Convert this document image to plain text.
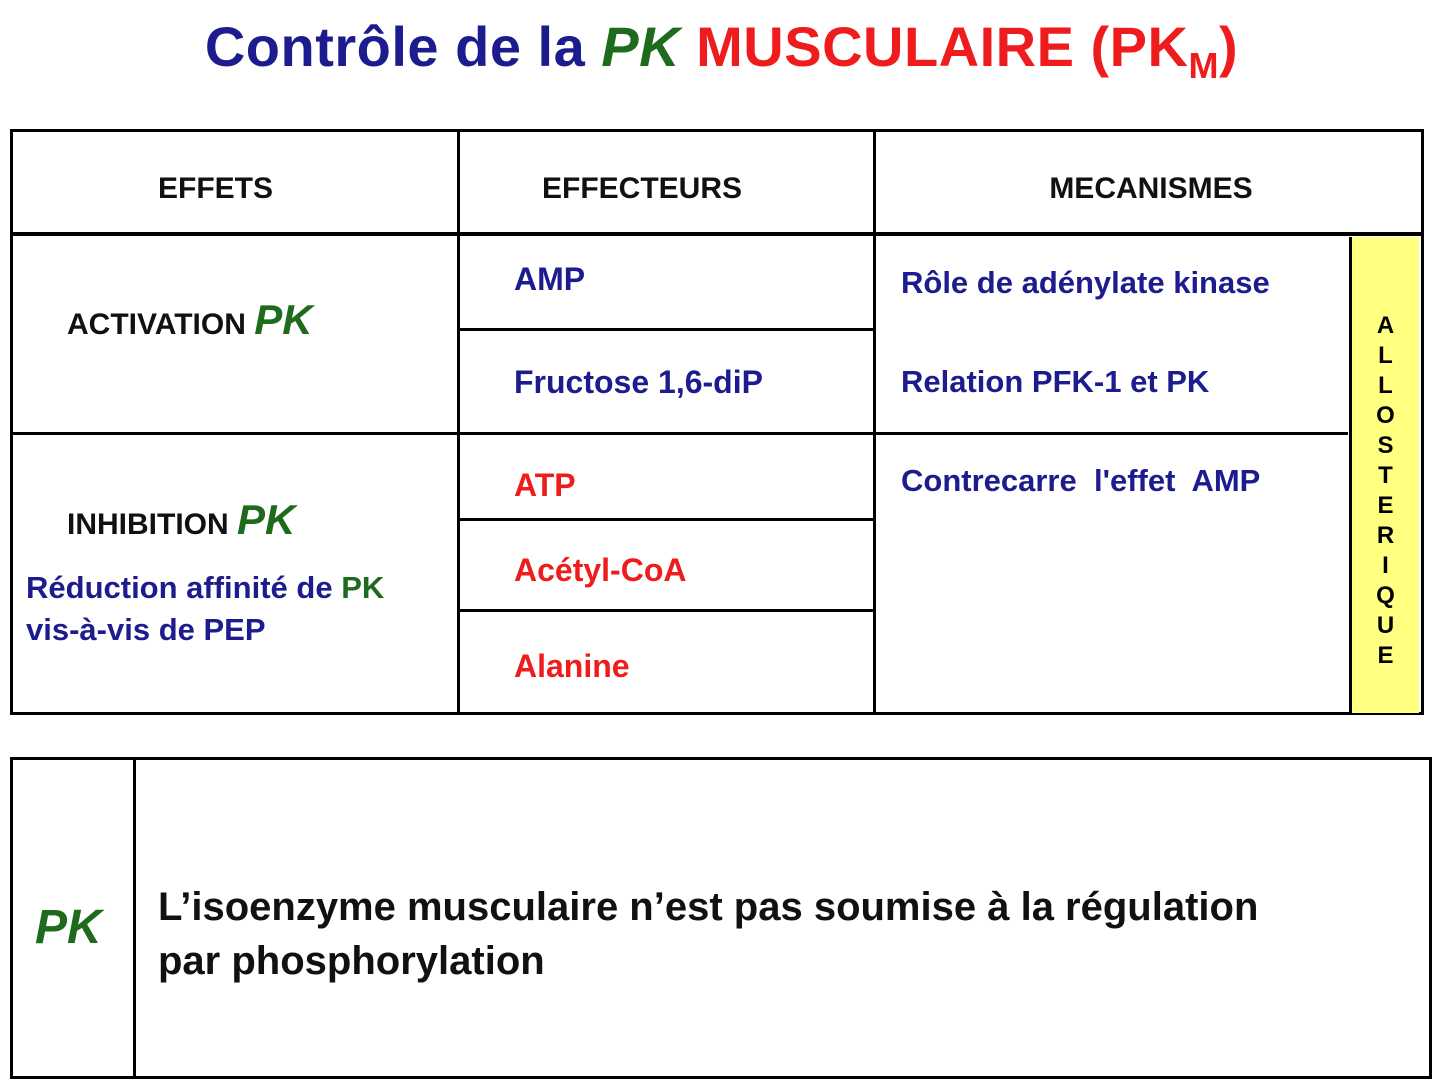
Contrôle de la PK MUSCULAIRE $(PK_M)$
EFFETS	EFFECTEURS	MECANISMES
ACTIVATION PK
AMP
Fructose 1,6-diP
Rôle de adénylate kinase
Relation PFK-1 et PK
INHIBITION PK
Réduction affinité de PK
vis-à-vis de PEP
ATP
Acétyl-CoA
Alanine
Contrecarre  l'effet  AMP
A
L
L
O
S
T
E
R
I
Q
U
E
PK L’isoenzyme musculaire n’est pas soumise à la régulation
par phosphorylation
